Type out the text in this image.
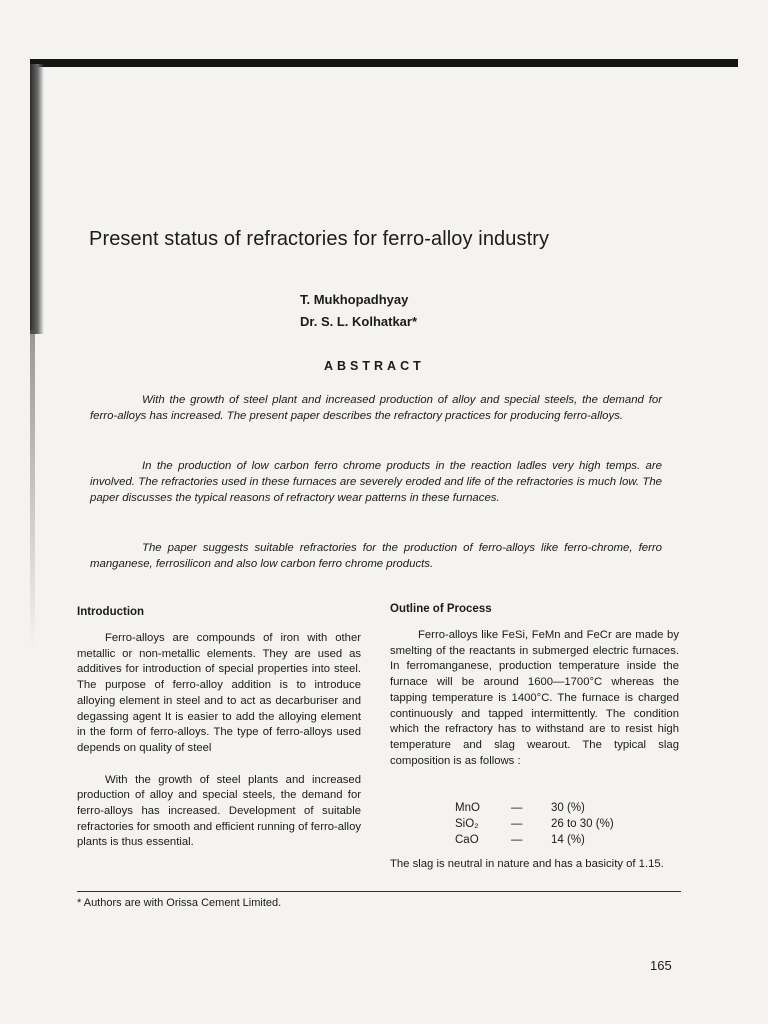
Present status of refractories for ferro-alloy industry
T. Mukhopadhyay
Dr. S. L. Kolhatkar*
ABSTRACT

With the growth of steel plant and increased production of alloy and special steels, the demand for ferro-alloys has increased. The present paper describes the refractory practices for producing ferro-alloys.

In the production of low carbon ferro chrome products in the reaction ladles very high temps. are involved. The refractories used in these furnaces are severely eroded and life of the refractories is much low. The paper discusses the typical reasons of refractory wear patterns in these furnaces.

The paper suggests suitable refractories for the production of ferro-alloys like ferro-chrome, ferro manganese, ferrosilicon and also low carbon ferro chrome products.

Introduction

Ferro-alloys are compounds of iron with other metallic or non-metallic elements. They are used as additives for introduction of special properties into steel. The purpose of ferro-alloy addition is to introduce alloying element in steel and to act as decarburiser and degassing agent It is easier to add the alloying element in the form of ferro-alloys. The type of ferro-alloys used depends on quality of steel

With the growth of steel plants and increased production of alloy and special steels, the demand for ferro-alloys has increased. Development of suitable refractories for smooth and efficient running of ferro-alloy plants is thus essential.

Outline of Process

Ferro-alloys like FeSi, FeMn and FeCr are made by smelting of the reactants in submerged electric furnaces. In ferromanganese, production temperature inside the furnace will be around 1600—1700°C whereas the tapping temperature is 1400°C. The furnace is charged continuously and tapped intermittently. The condition which the refractory has to withstand are to resist high temperature and slag wearout. The typical slag composition is as follows :

MnO	—	30 (%)
SiO₂	—	26 to 30 (%)
CaO	—	14 (%)

The slag is neutral in nature and has a basicity of 1.15.

* Authors are with Orissa Cement Limited.
165
